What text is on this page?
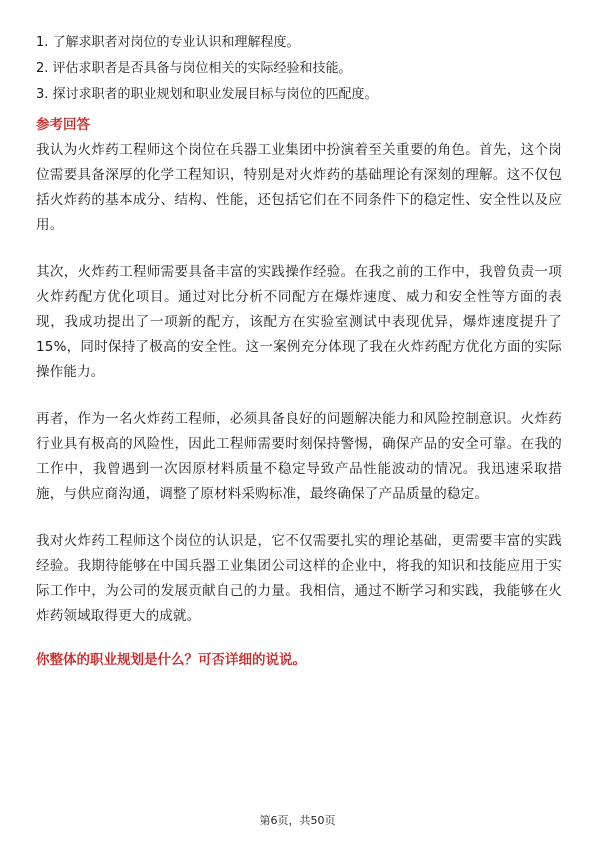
1. 了解求职者对岗位的专业认识和理解程度。

2. 评估求职者是否具备与岗位相关的实际经验和技能。

3. 探讨求职者的职业规划和职业发展目标与岗位的匹配度。

参考回答

我认为火炸药工程师这个岗位在兵器工业集团中扮演着至关重要的角色。首先，这个岗位需要具备深厚的化学工程知识，特别是对火炸药的基础理论有深刻的理解。这不仅包括火炸药的基本成分、结构、性能，还包括它们在不同条件下的稳定性、安全性以及应用。

其次，火炸药工程师需要具备丰富的实践操作经验。在我之前的工作中，我曾负责一项火炸药配方优化项目。通过对比分析不同配方在爆炸速度、威力和安全性等方面的表现，我成功提出了一项新的配方，该配方在实验室测试中表现优异，爆炸速度提升了15%，同时保持了极高的安全性。这一案例充分体现了我在火炸药配方优化方面的实际操作能力。

再者，作为一名火炸药工程师，必须具备良好的问题解决能力和风险控制意识。火炸药行业具有极高的风险性，因此工程师需要时刻保持警惕，确保产品的安全可靠。在我的工作中，我曾遇到一次因原材料质量不稳定导致产品性能波动的情况。我迅速采取措施，与供应商沟通，调整了原材料采购标准，最终确保了产品质量的稳定。

我对火炸药工程师这个岗位的认识是，它不仅需要扎实的理论基础，更需要丰富的实践经验。我期待能够在中国兵器工业集团公司这样的企业中，将我的知识和技能应用于实际工作中，为公司的发展贡献自己的力量。我相信，通过不断学习和实践，我能够在火炸药领域取得更大的成就。

你整体的职业规划是什么？可否详细的说说。
第6页，共50页
